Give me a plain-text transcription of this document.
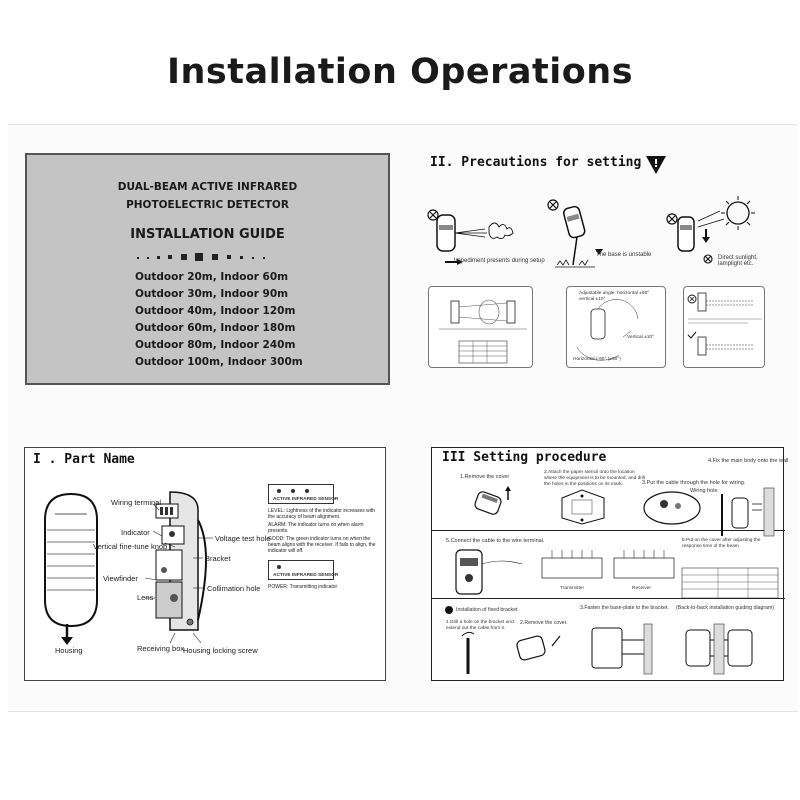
Installation Operations
DUAL-BEAM ACTIVE INFRARED
PHOTOELECTRIC DETECTOR
INSTALLATION GUIDE
Outdoor 20m, Indoor 60m
Outdoor 30m, Indoor 90m
Outdoor 40m, Indoor 120m
Outdoor 60m, Indoor 180m
Outdoor 80m, Indoor 240m
Outdoor 100m, Indoor 300m
II. Precautions for setting !
Impediment presents during setup
The base is unstable	Direct sunlight, lamplight etc.
Adjustable angle: horizontal ±90° vertical ±10°
Vertical ±10°
Horizontal (-90° (±90°)
I . Part Name
Housing
Wiring terminal
Indicator
Vertical fine-tune knob
Viewfinder
Lens
Receiving box
Housing locking screw
Voltage test hole
Bracket
Collimation hole
ACTIVE INFRARED SENSOR
LEVEL: Lightness of the indicator increases with the accuracy of beam alignment.
ALARM: The indicator turns on when alarm presents.
GOOD: The green indicator turns on when the beam aligns with the receiver. If fails to align, the indicator will off.
ACTIVE INFRARED SENSOR
POWER: Transmitting indicator
III Setting procedure
1.Remove the cover
2.Attach the paper stencil onto the location where the equipment is to be mounted, and drill the holes in the positions on its mark.	3.Put the cable through the hole for wiring.
4.Fix the main body onto the wall
Wiring hole
5.Connect the cable to the wire terminal.	6.Put on the cover after adjusting the response time of the beam
Transmitter	Receiver
Installation of fixed bracket
1.Drill a hole on the bracket and extend out the cable from it.
2.Remove the cover.
3.Fasten the base-plate to the bracket. (Back-to-back installation guiding diagram)
